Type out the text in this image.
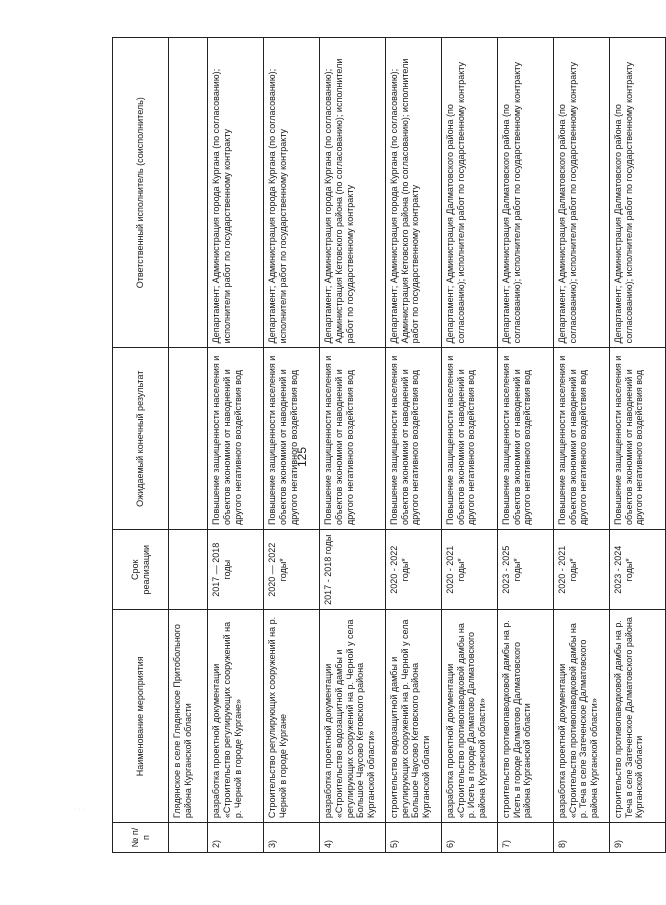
125
· · ·
№ п/п	Наименование мероприятия	Срок реализации	Ожидаемый конечный результат	Ответственный исполнитель (соисполнитель)
	Глядянское в селе Глядянское Притобольного района Курганской области			
2)	разработка проектной документации «Строительство регулирующих сооружений на р. Черной в городе Кургане»	2017 — 2018 годы	Повышение защищенности населения и объектов экономики от наводнений и другого негативного воздействия вод	Департамент; Администрация города Кургана (по согласованию); исполнители работ по государственному контракту
3)	Строительство регулирующих сооружений на р. Черной в городе Кургане	2020 — 2022 годы*	Повышение защищенности населения и объектов экономики от наводнений и другого негативного воздействия вод	Департамент; Администрация города Кургана (по согласованию); исполнители работ по государственному контракту
4)	разработка проектной документации «Строительство водозащитной дамбы и регулирующих сооружений на р. Черной у села Большое Чаусово Кетовского района Курганской области»	2017 - 2018 годы	Повышение защищенности населения и объектов экономики от наводнений и другого негативного воздействия вод	Департамент; Администрация города Кургана (по согласованию); Администрация Кетовского района (по согласованию); исполнители работ по государственному контракту
5)	строительство водозащитной дамбы и регулирующих сооружений на р. Черной у села Большое Чаусово Кетовского района Курганской области	2020 - 2022 годы*	Повышение защищенности населения и объектов экономики от наводнений и другого негативного воздействия вод	Департамент; Администрация города Кургана (по согласованию); Администрация Кетовского района (по согласованию); исполнители работ по государственному контракту
6)	разработка проектной документации «Строительство противопаводковой дамбы на р. Исеть в городе Далматово Далматовского района Курганской области»	2020 - 2021 годы*	Повышение защищенности населения и объектов экономики от наводнений и другого негативного воздействия вод	Департамент; Администрация Далматовского района (по согласованию); исполнители работ по государственному контракту
7)	строительство противопаводковой дамбы на р. Исеть в городе Далматово Далматовского района Курганской области	2023 - 2025 годы*	Повышение защищенности населения и объектов экономики от наводнений и другого негативного воздействия вод	Департамент; Администрация Далматовского района (по согласованию); исполнители работ по государственному контракту
8)	разработка проектной документации «Строительство противопаводковой дамбы на р. Теча в селе Затеченское Далматовского района Курганской области»	2020 - 2021 годы*	Повышение защищенности населения и объектов экономики от наводнений и другого негативного воздействия вод	Департамент; Администрация Далматовского района (по согласованию); исполнители работ по государственному контракту
9)	строительство противопаводковой дамбы на р. Теча в селе Затеченское Далматовского района Курганской области	2023 - 2024 годы*	Повышение защищенности населения и объектов экономики от наводнений и другого негативного воздействия вод	Департамент; Администрация Далматовского района (по согласованию); исполнители работ по государственному контракту
